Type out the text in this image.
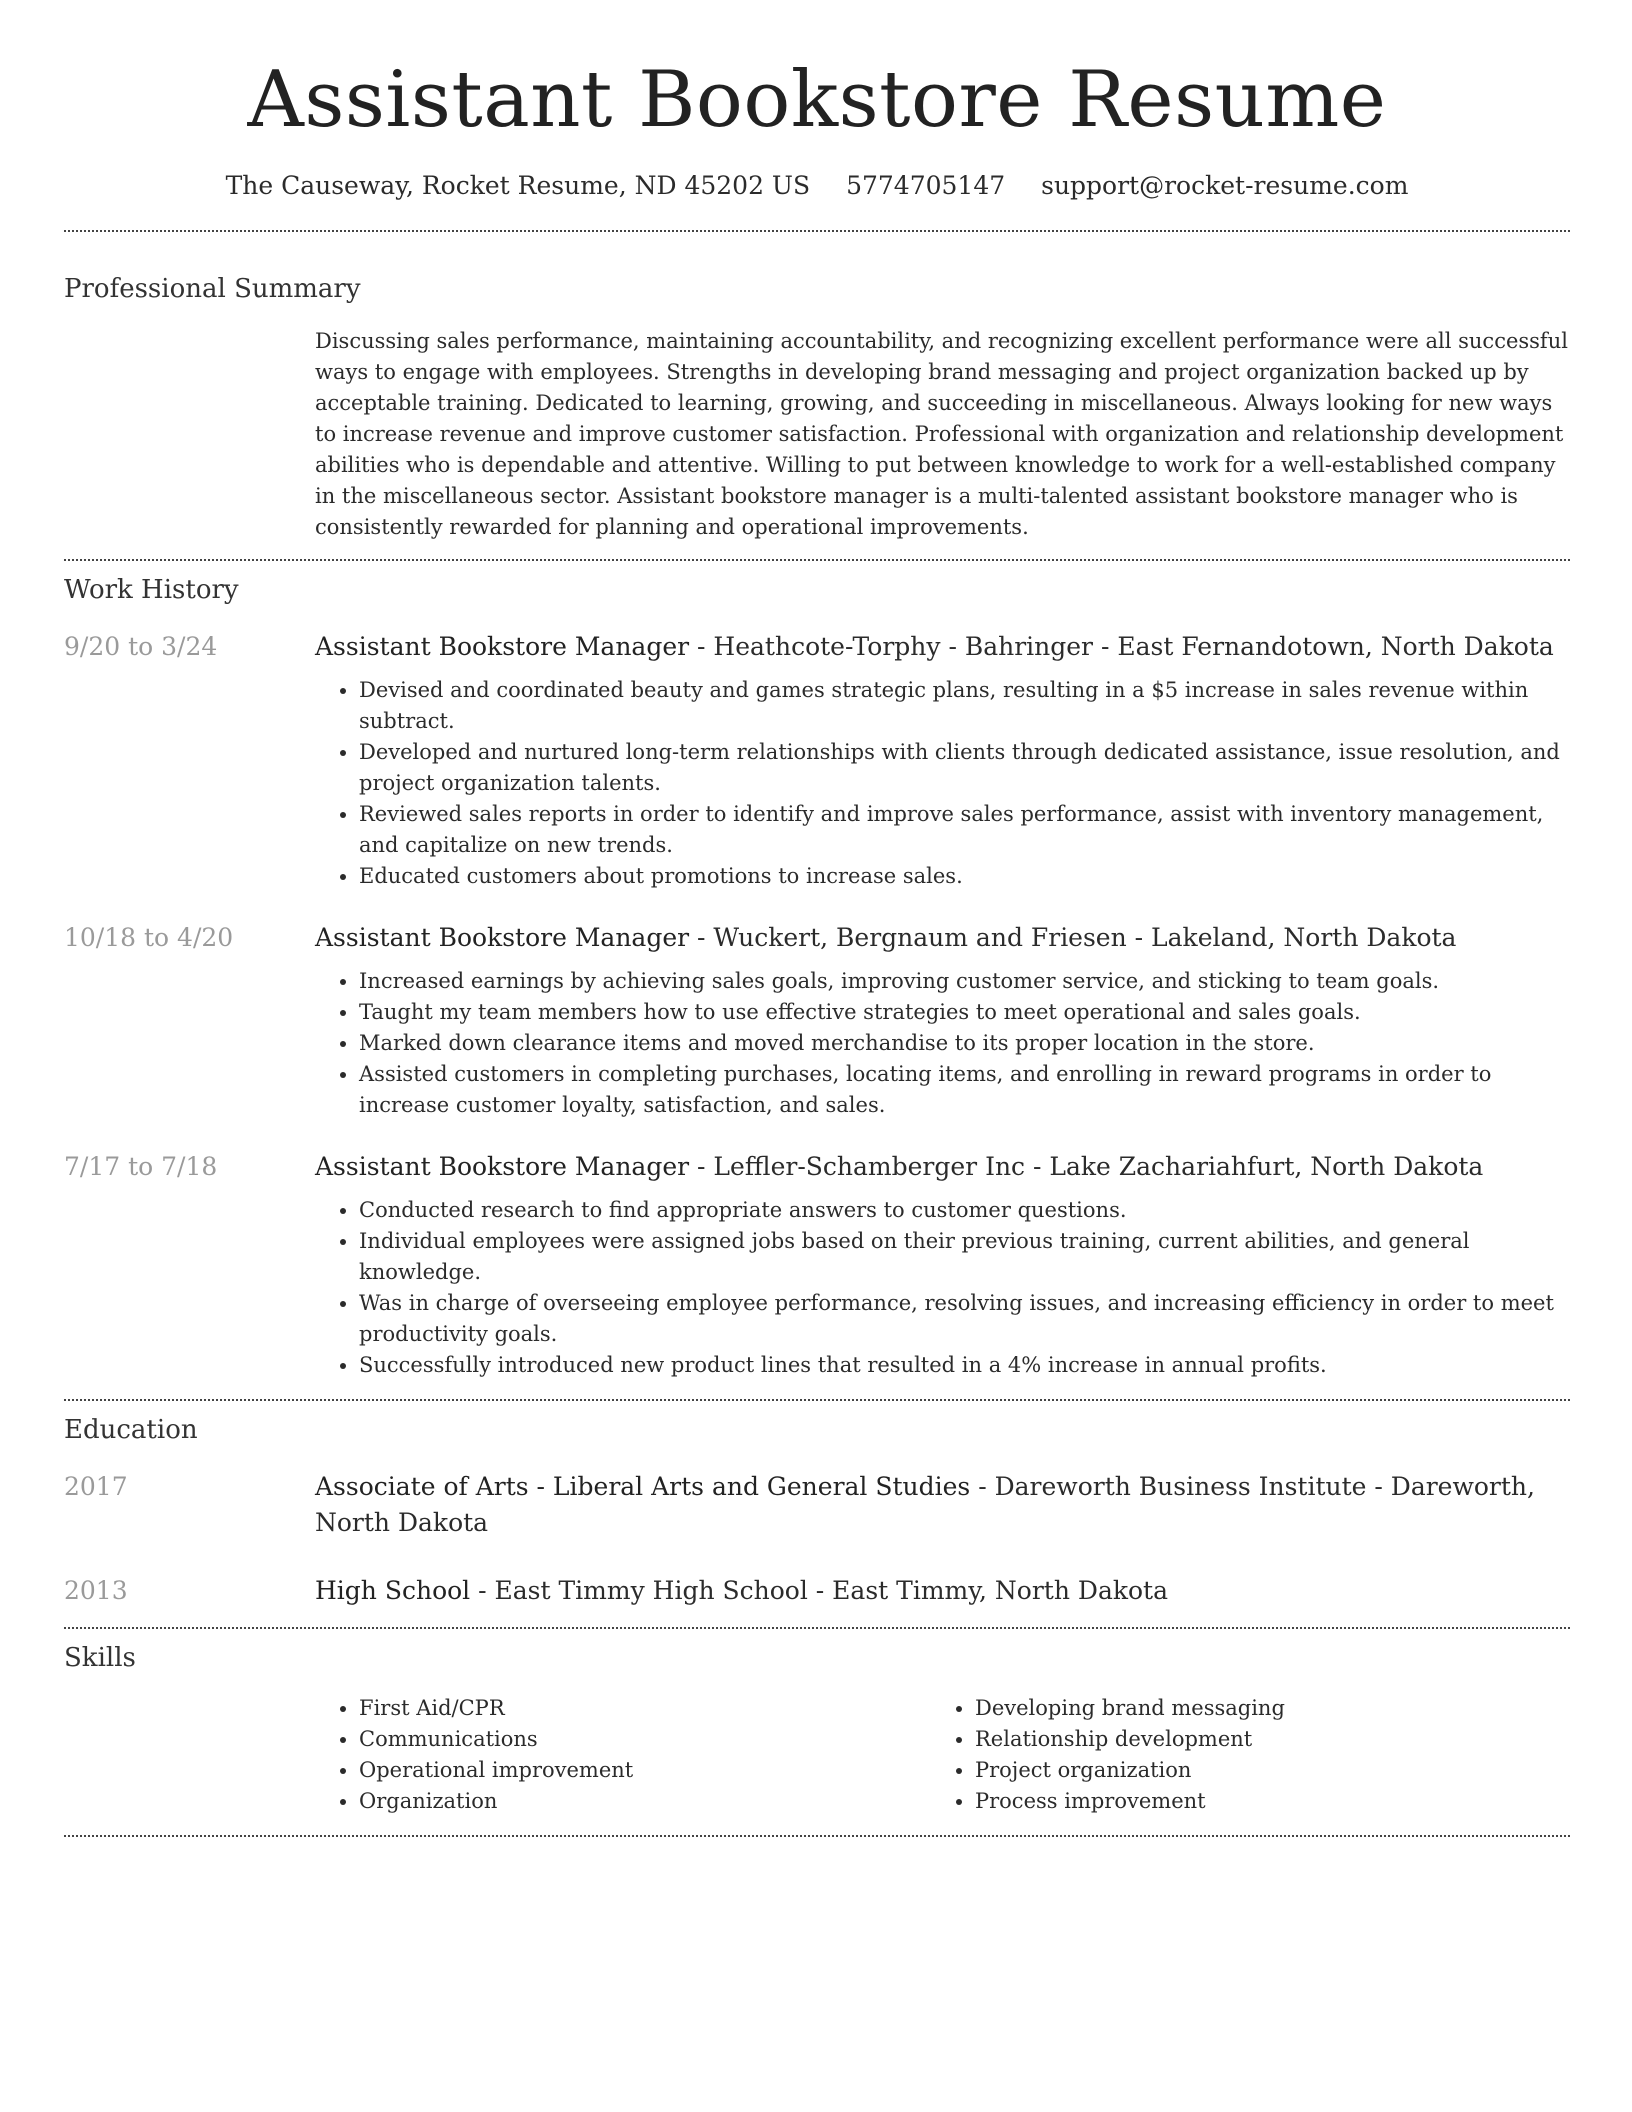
Assistant Bookstore Resume
The Causeway, Rocket Resume, ND 45202 US 5774705147 support@rocket-resume.com
Professional Summary

Discussing sales performance, maintaining accountability, and recognizing excellent performance were all successful ways to engage with employees. Strengths in developing brand messaging and project organization backed up by acceptable training. Dedicated to learning, growing, and succeeding in miscellaneous. Always looking for new ways to increase revenue and improve customer satisfaction. Professional with organization and relationship development abilities who is dependable and attentive. Willing to put between knowledge to work for a well-established company in the miscellaneous sector. Assistant bookstore manager is a multi-talented assistant bookstore manager who is consistently rewarded for planning and operational improvements.

Work History
9/20 to 3/24	Assistant Bookstore Manager - Heathcote-Torphy - Bahringer - East Fernandotown, North Dakota
• Devised and coordinated beauty and games strategic plans, resulting in a $5 increase in sales revenue within subtract.
• Developed and nurtured long-term relationships with clients through dedicated assistance, issue resolution, and project organization talents.
• Reviewed sales reports in order to identify and improve sales performance, assist with inventory management, and capitalize on new trends.
• Educated customers about promotions to increase sales.
10/18 to 4/20	Assistant Bookstore Manager - Wuckert, Bergnaum and Friesen - Lakeland, North Dakota
• Increased earnings by achieving sales goals, improving customer service, and sticking to team goals.
• Taught my team members how to use effective strategies to meet operational and sales goals.
• Marked down clearance items and moved merchandise to its proper location in the store.
• Assisted customers in completing purchases, locating items, and enrolling in reward programs in order to increase customer loyalty, satisfaction, and sales.
7/17 to 7/18	Assistant Bookstore Manager - Leffler-Schamberger Inc - Lake Zachariahfurt, North Dakota
• Conducted research to find appropriate answers to customer questions.
• Individual employees were assigned jobs based on their previous training, current abilities, and general knowledge.
• Was in charge of overseeing employee performance, resolving issues, and increasing efficiency in order to meet productivity goals.
• Successfully introduced new product lines that resulted in a 4% increase in annual profits.
Education
2017	Associate of Arts - Liberal Arts and General Studies - Dareworth Business Institute - Dareworth, North Dakota
2013	High School - East Timmy High School - East Timmy, North Dakota
Skills
• First Aid/CPR
• Communications
• Operational improvement
• Organization
• Developing brand messaging
• Relationship development
• Project organization
• Process improvement
